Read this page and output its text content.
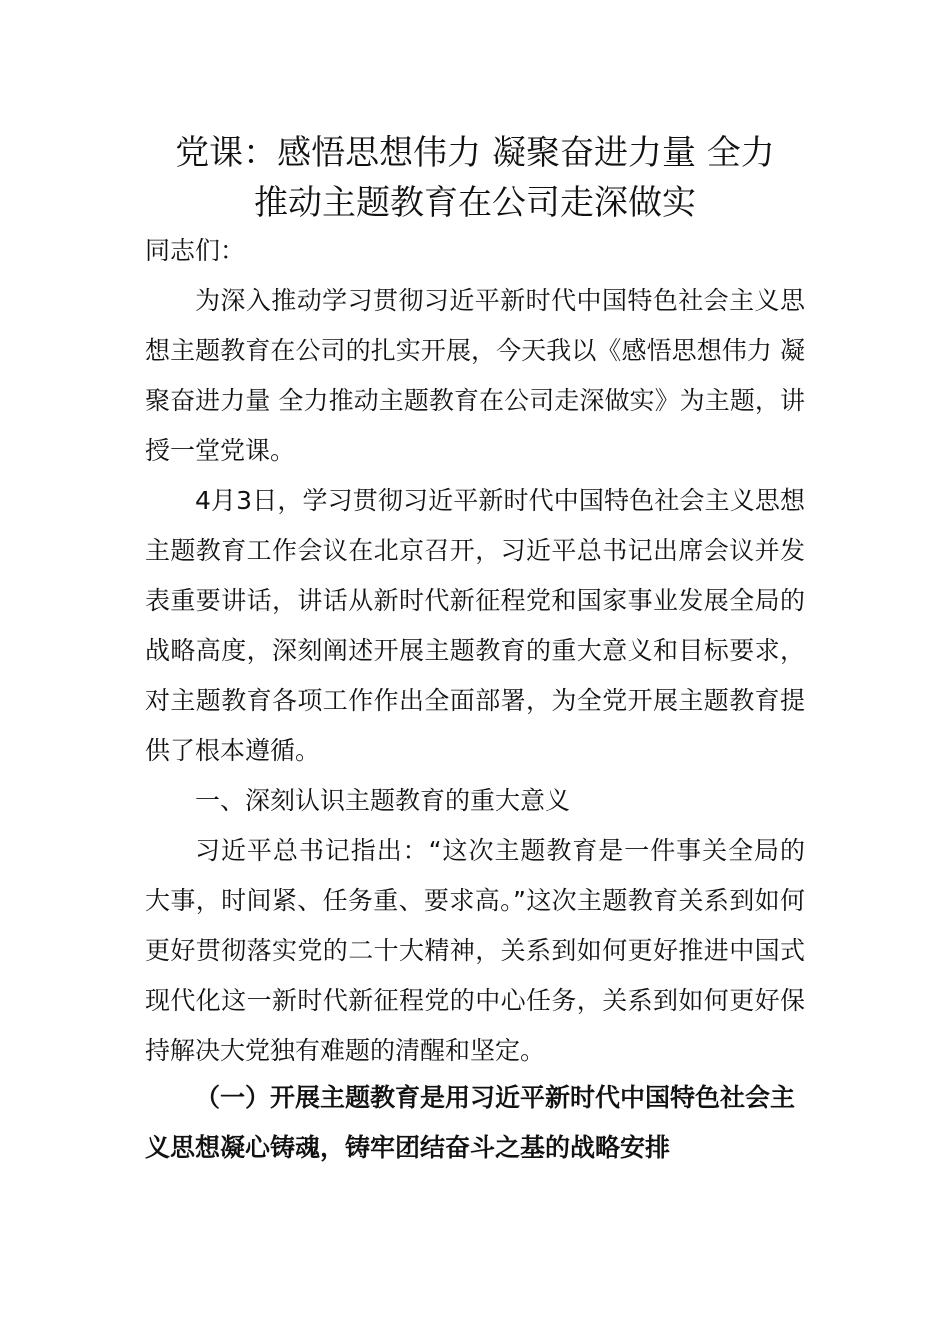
党课：感悟思想伟力 凝聚奋进力量 全力
推动主题教育在公司走深做实

同志们：

为深入推动学习贯彻习近平新时代中国特色社会主义思想主题教育在公司的扎实开展，今天我以《感悟思想伟力 凝聚奋进力量 全力推动主题教育在公司走深做实》为主题，讲授一堂党课。

4月3日，学习贯彻习近平新时代中国特色社会主义思想主题教育工作会议在北京召开，习近平总书记出席会议并发表重要讲话，讲话从新时代新征程党和国家事业发展全局的战略高度，深刻阐述开展主题教育的重大意义和目标要求，对主题教育各项工作作出全面部署，为全党开展主题教育提供了根本遵循。

一、深刻认识主题教育的重大意义

习近平总书记指出：“这次主题教育是一件事关全局的大事，时间紧、任务重、要求高。”这次主题教育关系到如何更好贯彻落实党的二十大精神，关系到如何更好推进中国式现代化这一新时代新征程党的中心任务，关系到如何更好保持解决大党独有难题的清醒和坚定。

（一）开展主题教育是用习近平新时代中国特色社会主义思想凝心铸魂，铸牢团结奋斗之基的战略安排
